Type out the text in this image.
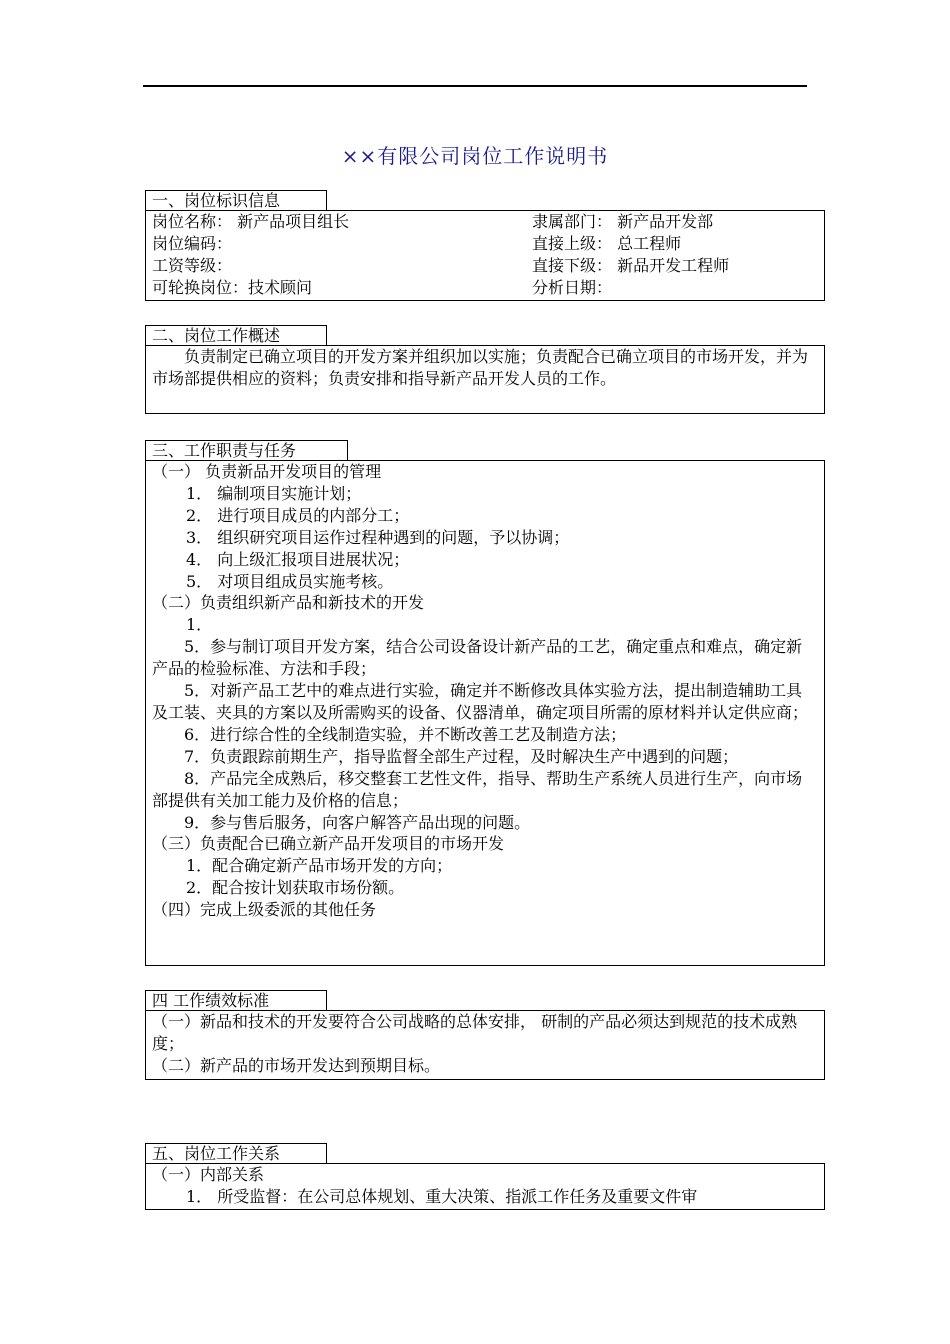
××有限公司岗位工作说明书
一、岗位标识信息
岗位名称： 新产品项目组长	隶属部门： 新产品开发部
岗位编码：	直接上级： 总工程师
工资等级：	直接下级： 新品开发工程师
可轮换岗位：技术顾问	分析日期：
二、岗位工作概述
负责制定已确立项目的开发方案并组织加以实施；负责配合已确立项目的市场开发，并为市场部提供相应的资料；负责安排和指导新产品开发人员的工作。
三、工作职责与任务
（一） 负责新品开发项目的管理
1． 编制项目实施计划；
2． 进行项目成员的内部分工；
3． 组织研究项目运作过程种遇到的问题，予以协调；
4． 向上级汇报项目进展状况；
5． 对项目组成员实施考核。
（二）负责组织新产品和新技术的开发
1．
5．参与制订项目开发方案，结合公司设备设计新产品的工艺，确定重点和难点，确定新产品的检验标准、方法和手段；
5．对新产品工艺中的难点进行实验，确定并不断修改具体实验方法，提出制造辅助工具及工装、夹具的方案以及所需购买的设备、仪器清单，确定项目所需的原材料并认定供应商；
6．进行综合性的全线制造实验，并不断改善工艺及制造方法；
7．负责跟踪前期生产，指导监督全部生产过程，及时解决生产中遇到的问题；
8．产品完全成熟后，移交整套工艺性文件，指导、帮助生产系统人员进行生产，向市场部提供有关加工能力及价格的信息；
9．参与售后服务，向客户解答产品出现的问题。
（三）负责配合已确立新产品开发项目的市场开发
1．配合确定新产品市场开发的方向；
2．配合按计划获取市场份额。
（四）完成上级委派的其他任务
四 工作绩效标准
（一）新品和技术的开发要符合公司战略的总体安排， 研制的产品必须达到规范的技术成熟度；
（二）新产品的市场开发达到预期目标。
五、岗位工作关系
（一）内部关系
1． 所受监督：在公司总体规划、重大决策、指派工作任务及重要文件审
